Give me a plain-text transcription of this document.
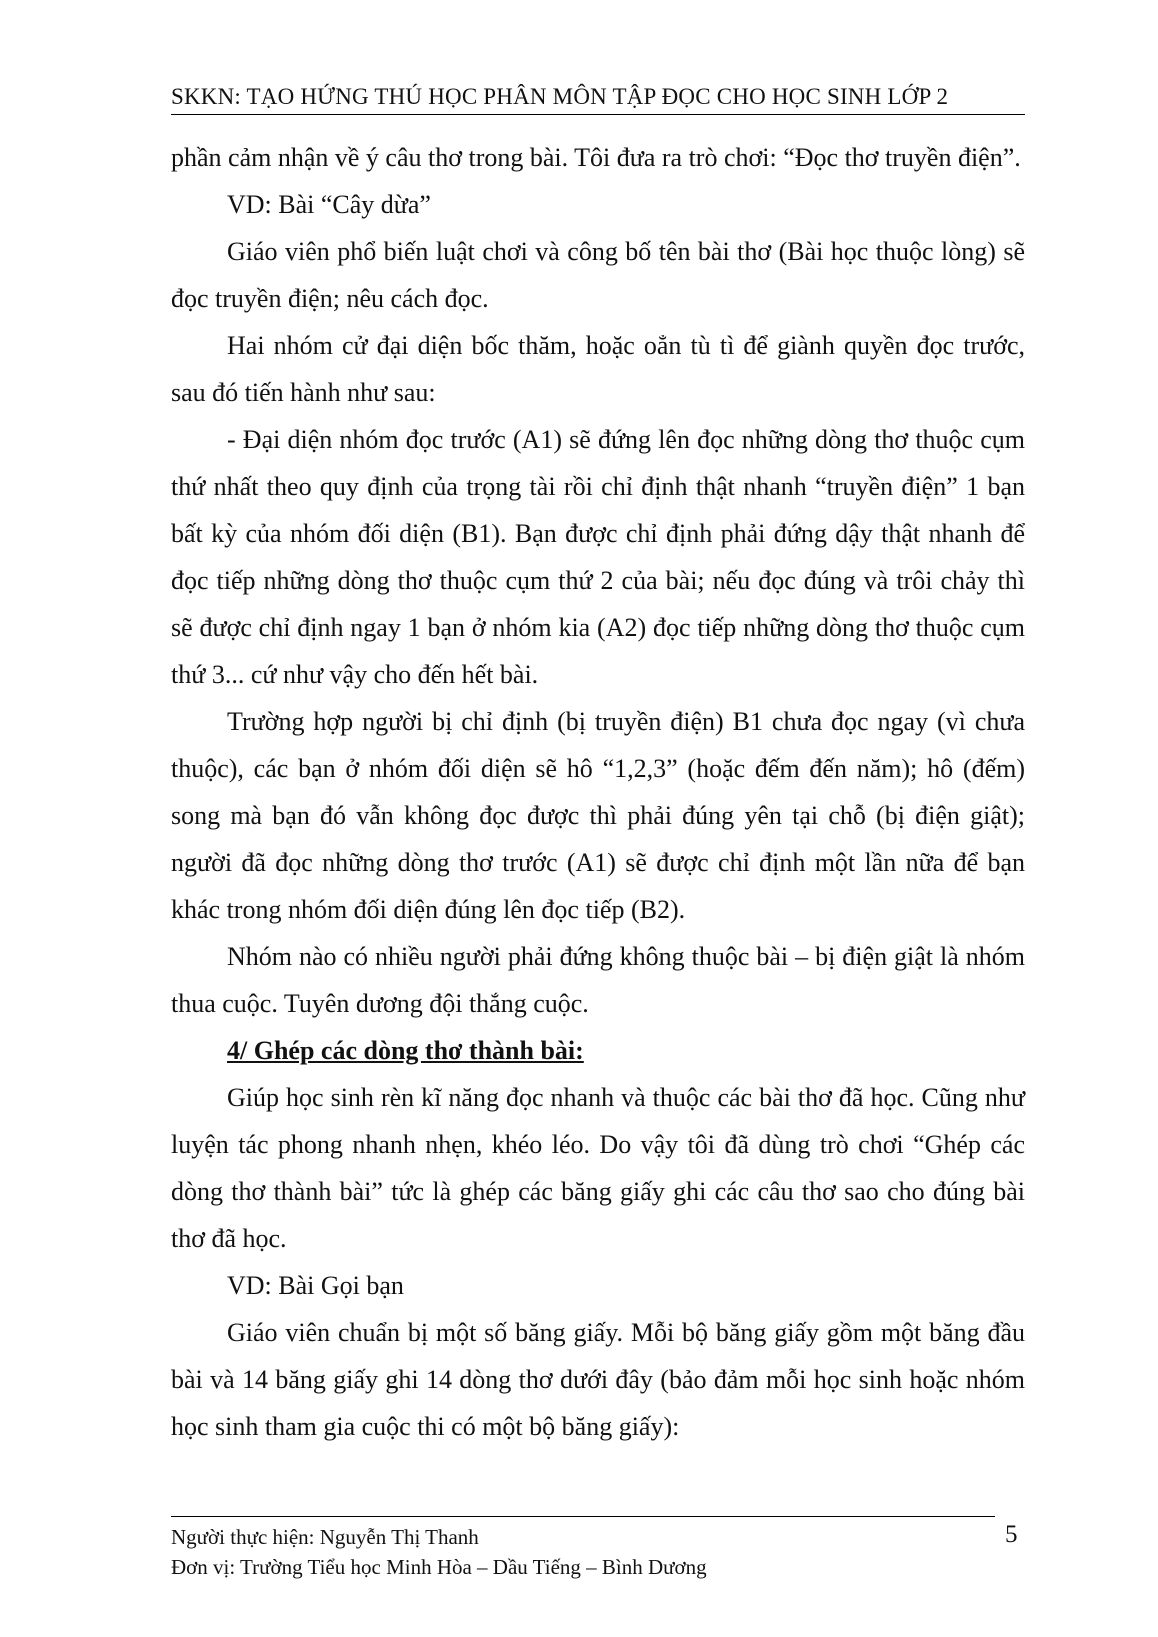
SKKN: TẠO HỨNG THÚ HỌC PHÂN MÔN TẬP ĐỌC CHO HỌC SINH LỚP 2

phần cảm nhận về ý câu thơ trong bài. Tôi đưa ra trò chơi: “Đọc thơ truyền điện”.

VD: Bài “Cây dừa”

Giáo viên phổ biến luật chơi và công bố tên bài thơ (Bài học thuộc lòng) sẽ đọc truyền điện; nêu cách đọc.

Hai nhóm cử đại diện bốc thăm, hoặc oẳn tù tì để giành quyền đọc trước, sau đó tiến hành như sau:

- Đại diện nhóm đọc trước (A1) sẽ đứng lên đọc những dòng thơ thuộc cụm thứ nhất theo quy định của trọng tài rồi chỉ định thật nhanh “truyền điện” 1 bạn bất kỳ của nhóm đối diện (B1). Bạn được chỉ định phải đứng dậy thật nhanh để đọc tiếp những dòng thơ thuộc cụm thứ 2 của bài; nếu đọc đúng và trôi chảy thì sẽ được chỉ định ngay 1 bạn ở nhóm kia (A2) đọc tiếp những dòng thơ thuộc cụm thứ 3... cứ như vậy cho đến hết bài.

Trường hợp người bị chỉ định (bị truyền điện) B1 chưa đọc ngay (vì chưa thuộc), các bạn ở nhóm đối diện sẽ hô “1,2,3” (hoặc đếm đến năm); hô (đếm) song mà bạn đó vẫn không đọc được thì phải đúng yên tại chỗ (bị điện giật); người đã đọc những dòng thơ trước (A1) sẽ được chỉ định một lần nữa để bạn khác trong nhóm đối diện đúng lên đọc tiếp (B2).

Nhóm nào có nhiều người phải đứng không thuộc bài – bị điện giật là nhóm thua cuộc. Tuyên dương đội thắng cuộc.

4/ Ghép các dòng thơ thành bài:

Giúp học sinh rèn kĩ năng đọc nhanh và thuộc các bài thơ đã học. Cũng như luyện tác phong nhanh nhẹn, khéo léo. Do vậy tôi đã dùng trò chơi “Ghép các dòng thơ thành bài” tức là ghép các băng giấy ghi các câu thơ sao cho đúng bài thơ đã học.

VD: Bài Gọi bạn

Giáo viên chuẩn bị một số băng giấy. Mỗi bộ băng giấy gồm một băng đầu bài và 14 băng giấy ghi 14 dòng thơ dưới đây (bảo đảm mỗi học sinh hoặc nhóm học sinh tham gia cuộc thi có một bộ băng giấy):

Người thực hiện: Nguyễn Thị Thanh
Đơn vị: Trường Tiểu học Minh Hòa – Dầu Tiếng – Bình Dương
5
